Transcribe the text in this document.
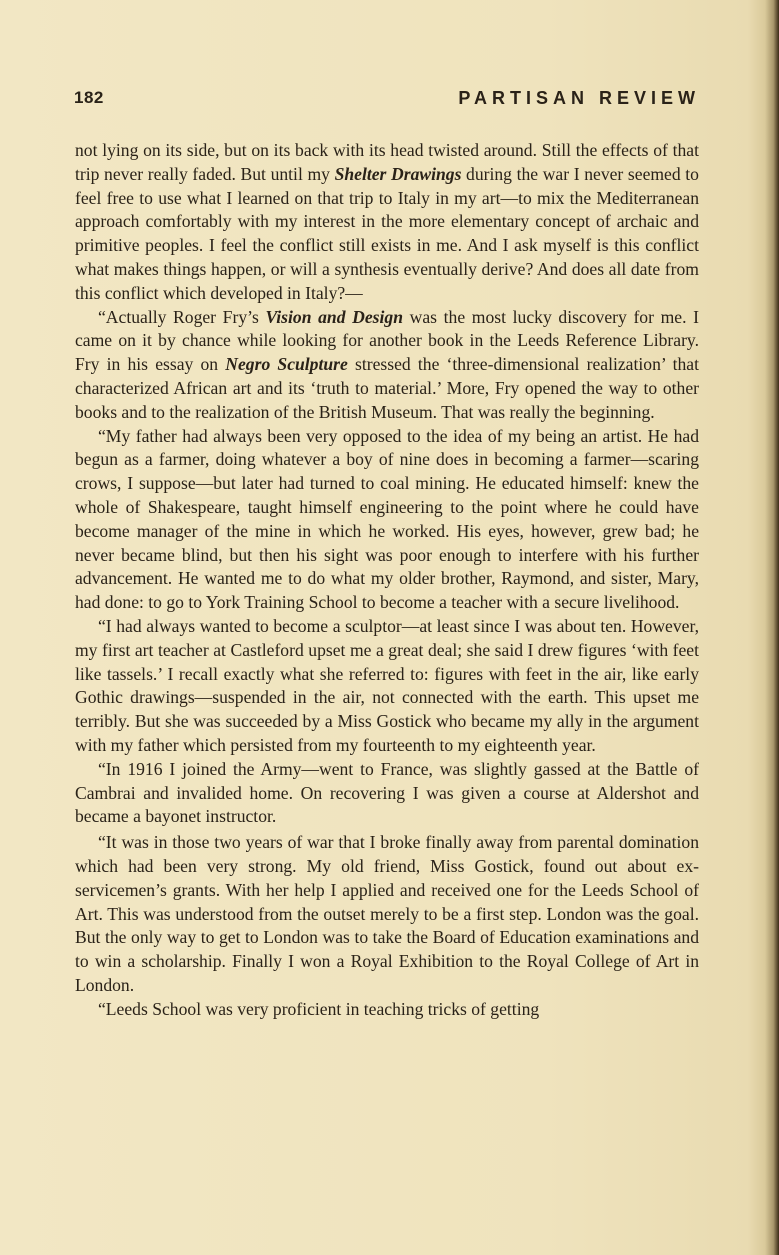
182	PARTISAN REVIEW

not lying on its side, but on its back with its head twisted around. Still the effects of that trip never really faded. But until my Shelter Drawings during the war I never seemed to feel free to use what I learned on that trip to Italy in my art—to mix the Mediterranean approach comfortably with my interest in the more elementary concept of archaic and primitive peoples. I feel the conflict still exists in me. And I ask myself is this conflict what makes things happen, or will a synthesis eventually derive? And does all date from this conflict which developed in Italy?—

“Actually Roger Fry’s Vision and Design was the most lucky discovery for me. I came on it by chance while looking for another book in the Leeds Reference Library. Fry in his essay on Negro Sculpture stressed the ‘three-dimensional realization’ that characterized African art and its ‘truth to material.’ More, Fry opened the way to other books and to the realization of the British Museum. That was really the beginning.

“My father had always been very opposed to the idea of my being an artist. He had begun as a farmer, doing whatever a boy of nine does in becoming a farmer—scaring crows, I suppose—but later had turned to coal mining. He educated himself: knew the whole of Shakespeare, taught himself engineering to the point where he could have become manager of the mine in which he worked. His eyes, however, grew bad; he never became blind, but then his sight was poor enough to interfere with his further advancement. He wanted me to do what my older brother, Raymond, and sister, Mary, had done: to go to York Training School to become a teacher with a secure livelihood.

“I had always wanted to become a sculptor—at least since I was about ten. However, my first art teacher at Castleford upset me a great deal; she said I drew figures ‘with feet like tassels.’ I recall exactly what she referred to: figures with feet in the air, like early Gothic drawings—suspended in the air, not connected with the earth. This upset me terribly. But she was succeeded by a Miss Gostick who became my ally in the argument with my father which persisted from my fourteenth to my eighteenth year.

“In 1916 I joined the Army—went to France, was slightly gassed at the Battle of Cambrai and invalided home. On recovering I was given a course at Aldershot and became a bayonet instructor.

“It was in those two years of war that I broke finally away from parental domination which had been very strong. My old friend, Miss Gostick, found out about ex-servicemen’s grants. With her help I applied and received one for the Leeds School of Art. This was understood from the outset merely to be a first step. London was the goal. But the only way to get to London was to take the Board of Education examinations and to win a scholarship. Finally I won a Royal Exhibition to the Royal College of Art in London.

“Leeds School was very proficient in teaching tricks of getting
